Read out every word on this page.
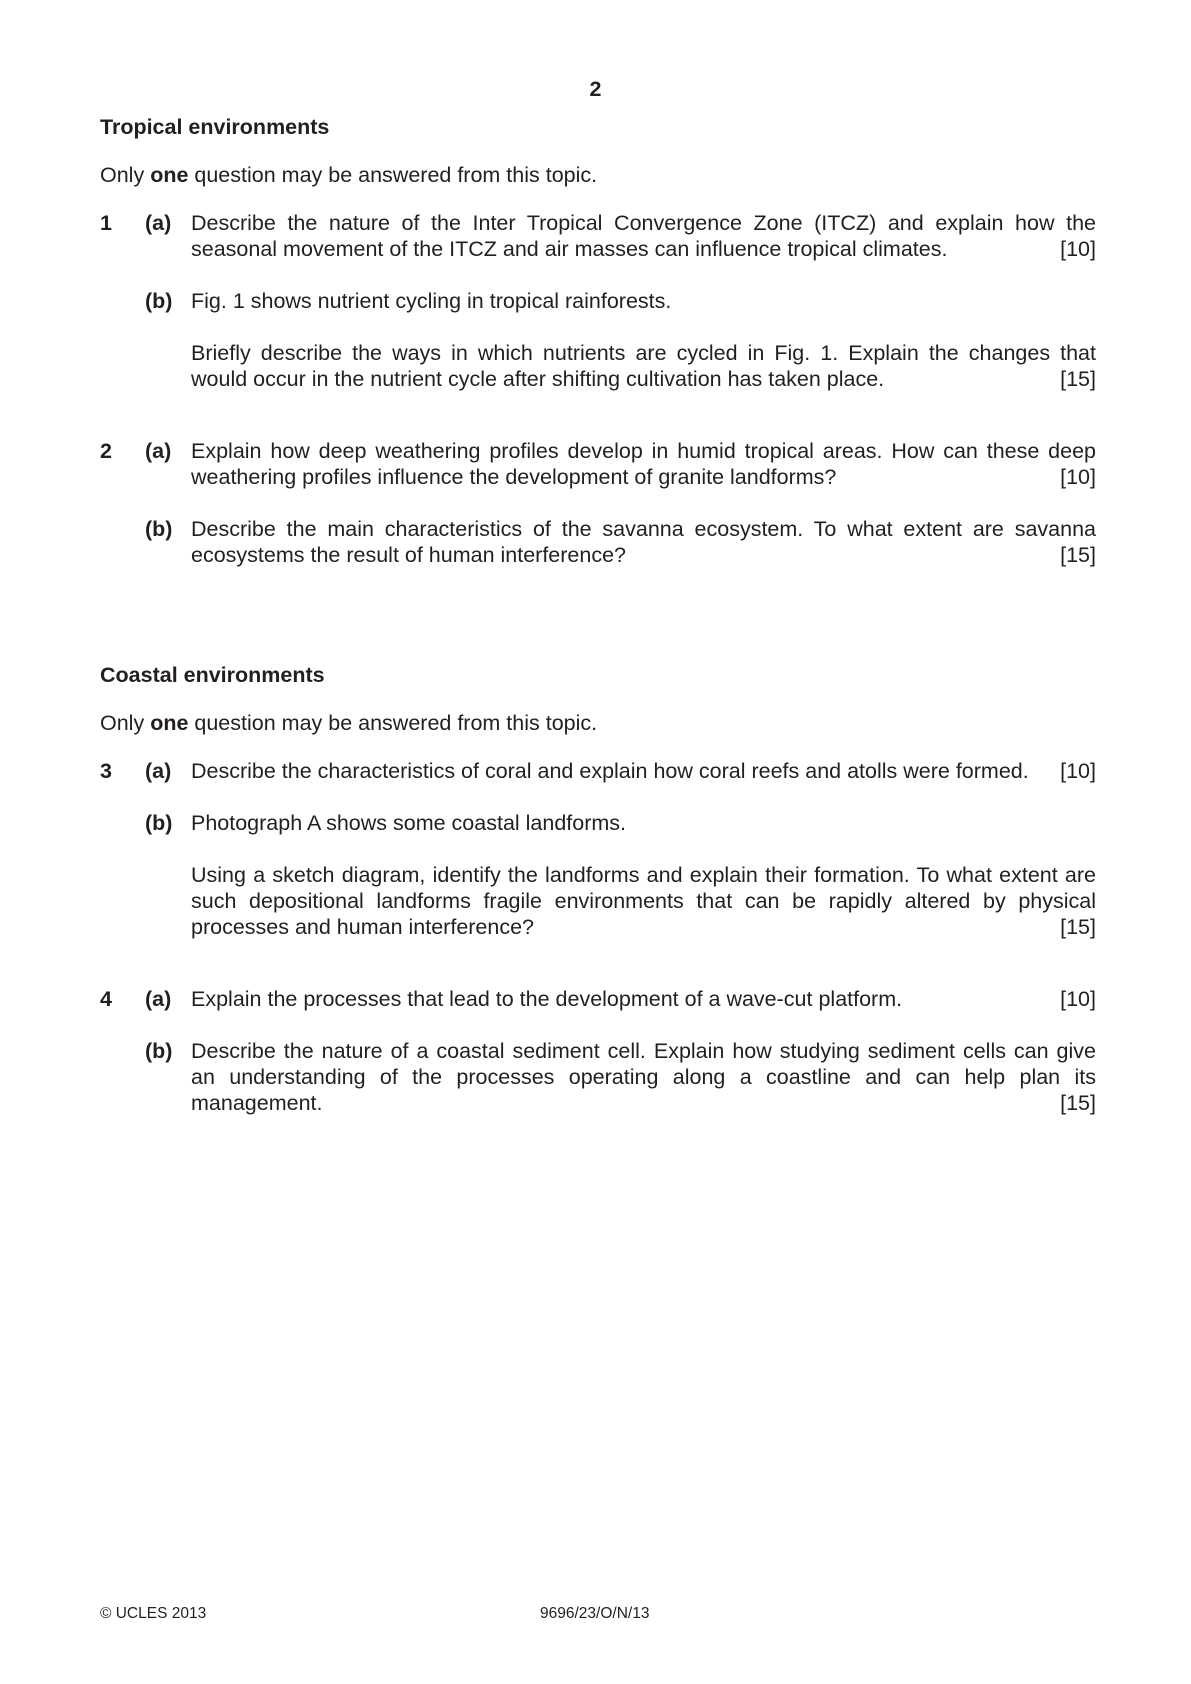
2
Tropical environments
Only one question may be answered from this topic.
1 (a) Describe the nature of the Inter Tropical Convergence Zone (ITCZ) and explain how the seasonal movement of the ITCZ and air masses can influence tropical climates.	[10]

(b) Fig. 1 shows nutrient cycling in tropical rainforests.

Briefly describe the ways in which nutrients are cycled in Fig. 1. Explain the changes that would occur in the nutrient cycle after shifting cultivation has taken place.	[15]

2 (a) Explain how deep weathering profiles develop in humid tropical areas. How can these deep weathering profiles influence the development of granite landforms?	[10]

(b) Describe the main characteristics of the savanna ecosystem. To what extent are savanna ecosystems the result of human interference?	[15]

Coastal environments
Only one question may be answered from this topic.
3 (a) Describe the characteristics of coral and explain how coral reefs and atolls were formed. [10]

(b) Photograph A shows some coastal landforms.

Using a sketch diagram, identify the landforms and explain their formation. To what extent are such depositional landforms fragile environments that can be rapidly altered by physical processes and human interference?	[15]

4 (a) Explain the processes that lead to the development of a wave-cut platform.	[10]

(b) Describe the nature of a coastal sediment cell. Explain how studying sediment cells can give an understanding of the processes operating along a coastline and can help plan its management.	[15]

© UCLES 2013	9696/23/O/N/13
